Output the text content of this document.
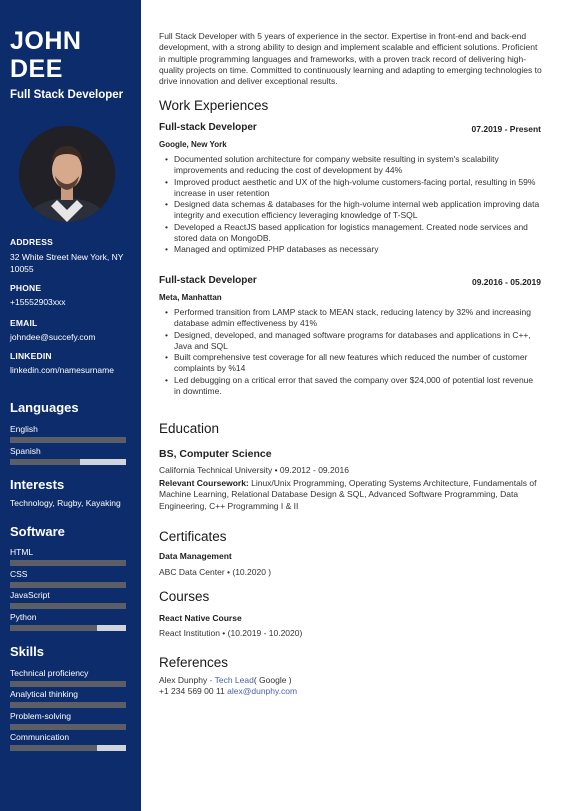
JOHN
DEE
Full Stack Developer
ADDRESS
32 White Street New York, NY 10055
PHONE
+15552903xxx
EMAIL
johndee@succefy.com
LINKEDIN
linkedin.com/namesurname
Languages
English
Spanish
Interests
Technology, Rugby, Kayaking
Software
HTML
CSS
JavaScript
Python
Skills
Technical proficiency
Analytical thinking
Problem-solving
Communication
Full Stack Developer with 5 years of experience in the sector. Expertise in front-end and back-end development, with a strong ability to design and implement scalable and efficient solutions. Proficient in multiple programming languages and frameworks, with a proven track record of delivering high-quality projects on time. Committed to continuously learning and adapting to emerging technologies to drive innovation and deliver exceptional results.
Work Experiences
Full-stack Developer	07.2019 - Present
Google, New York
• Documented solution architecture for company website resulting in system's scalability improvements and reducing the cost of development by 44%
• Improved product aesthetic and UX of the high-volume customers-facing portal, resulting in 59% increase in user retention
• Designed data schemas & databases for the high-volume internal web application improving data integrity and execution efficiency leveraging knowledge of T-SQL
• Developed a ReactJS based application for logistics management. Created node services and stored data on MongoDB.
• Managed and optimized PHP databases as necessary
Full-stack Developer	09.2016 - 05.2019
Meta, Manhattan
• Performed transition from LAMP stack to MEAN stack, reducing latency by 32% and increasing database admin effectiveness by 41%
• Designed, developed, and managed software programs for databases and applications in C++, Java and SQL
• Built comprehensive test coverage for all new features which reduced the number of customer complaints by %14
• Led debugging on a critical error that saved the company over $24,000 of potential lost revenue in downtime.
Education
BS, Computer Science
California Technical University • 09.2012 - 09.2016
Relevant Coursework: Linux/Unix Programming, Operating Systems Architecture, Fundamentals of Machine Learning, Relational Database Design & SQL, Advanced Software Programming, Data Engineering, C++ Programming I & II
Certificates
Data Management
ABC Data Center • (10.2020 )
Courses
React Native Course
React Institution • (10.2019 - 10.2020)
References
Alex Dunphy - Tech Lead( Google )
+1 234 569 00 11 alex@dunphy.com
